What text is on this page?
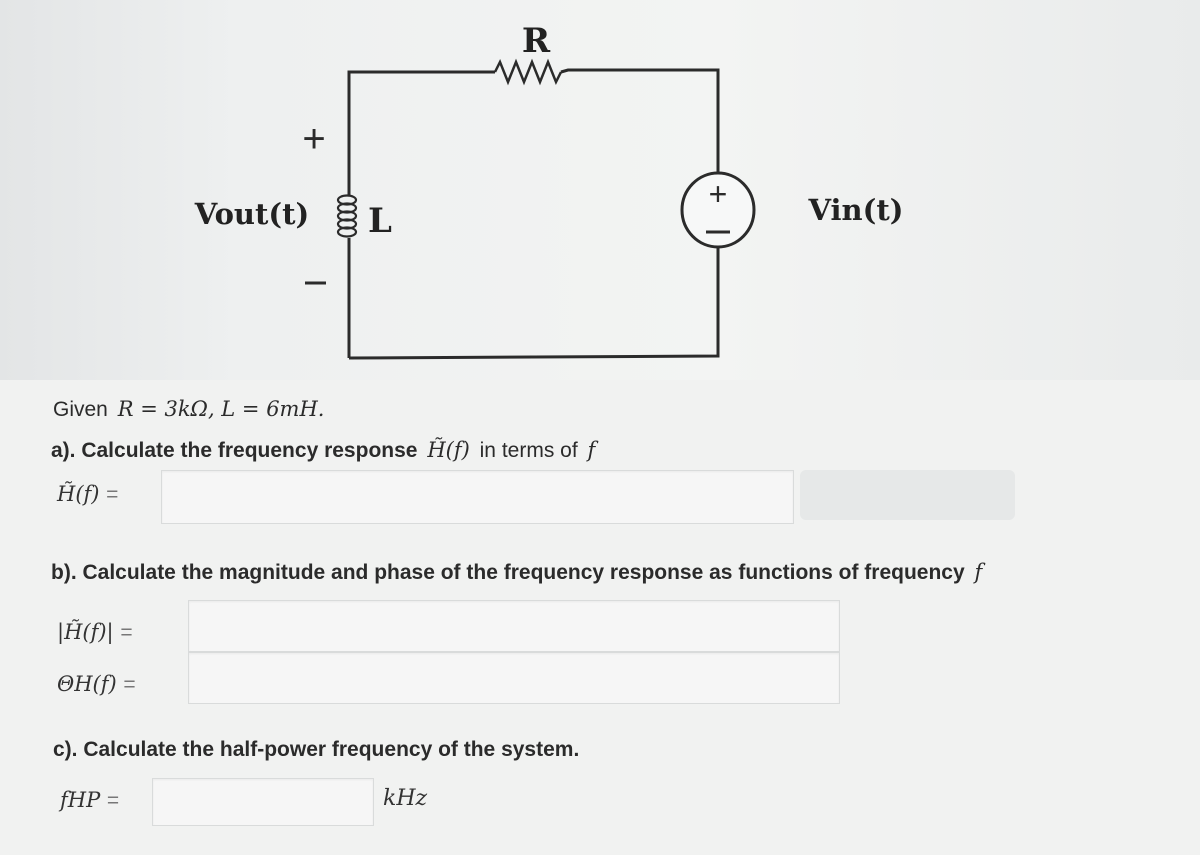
+
R
L
Vout(t)	Vin(t)
+
Given R = 3kΩ, L = 6mH.
a). Calculate the frequency response H̃(f) in terms of f
H̃(f) =
b). Calculate the magnitude and phase of the frequency response as functions of frequency f
|H̃(f)| =
ΘH(f) =
c). Calculate the half-power frequency of the system.
fHP =	kHz
